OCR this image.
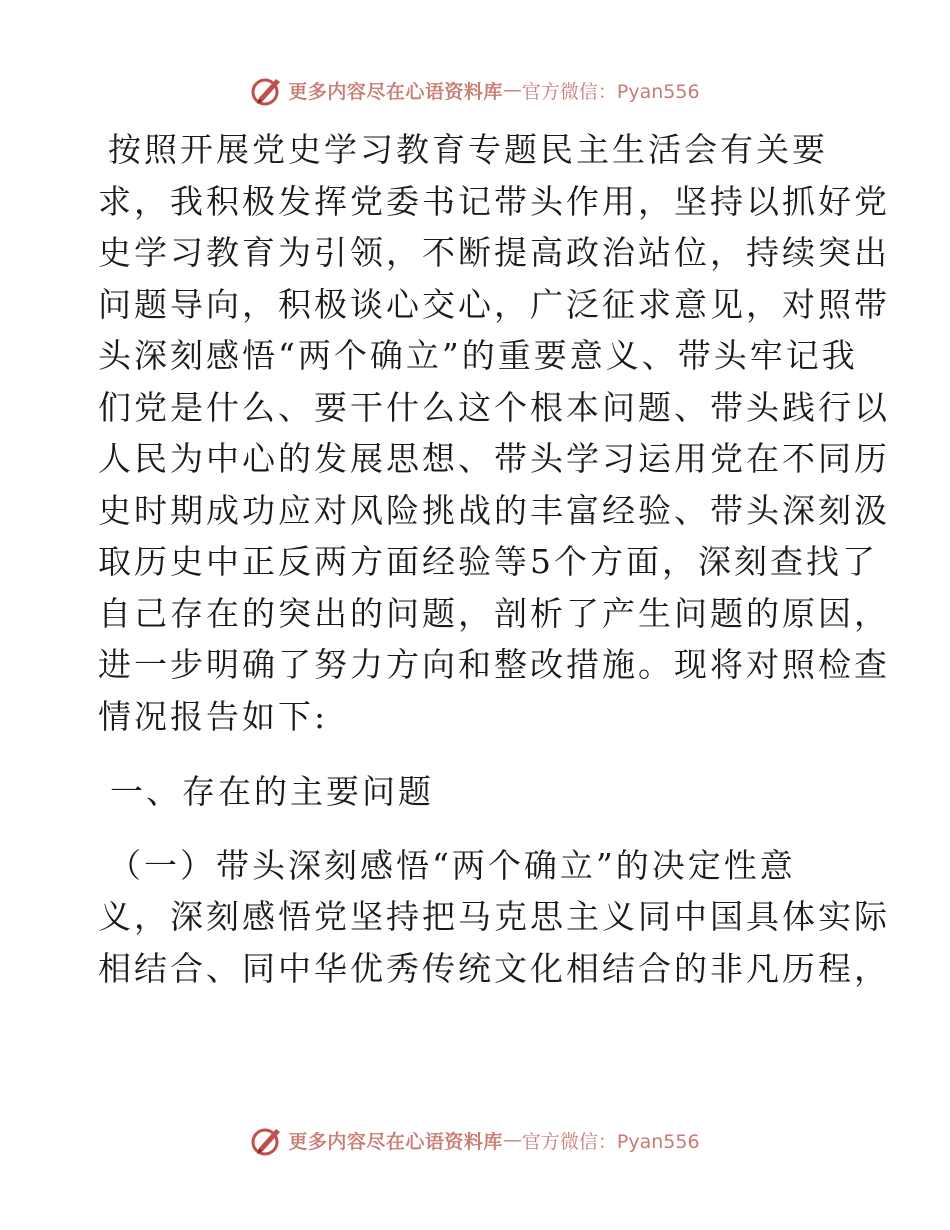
更多内容尽在心语资料库 — 官方微信：Pyan556

按照开展党史学习教育专题民主生活会有关要
求，我积极发挥党委书记带头作用，坚持以抓好党
史学习教育为引领，不断提高政治站位，持续突出
问题导向，积极谈心交心，广泛征求意见，对照带
头深刻感悟“两个确立”的重要意义、带头牢记我
们党是什么、要干什么这个根本问题、带头践行以
人民为中心的发展思想、带头学习运用党在不同历
史时期成功应对风险挑战的丰富经验、带头深刻汲
取历史中正反两方面经验等5个方面，深刻查找了
自己存在的突出的问题，剖析了产生问题的原因，
进一步明确了努力方向和整改措施。现将对照检查
情况报告如下:

一、存在的主要问题

（一）带头深刻感悟“两个确立”的决定性意
义，深刻感悟党坚持把马克思主义同中国具体实际
相结合、同中华优秀传统文化相结合的非凡历程，

更多内容尽在心语资料库 — 官方微信：Pyan556
